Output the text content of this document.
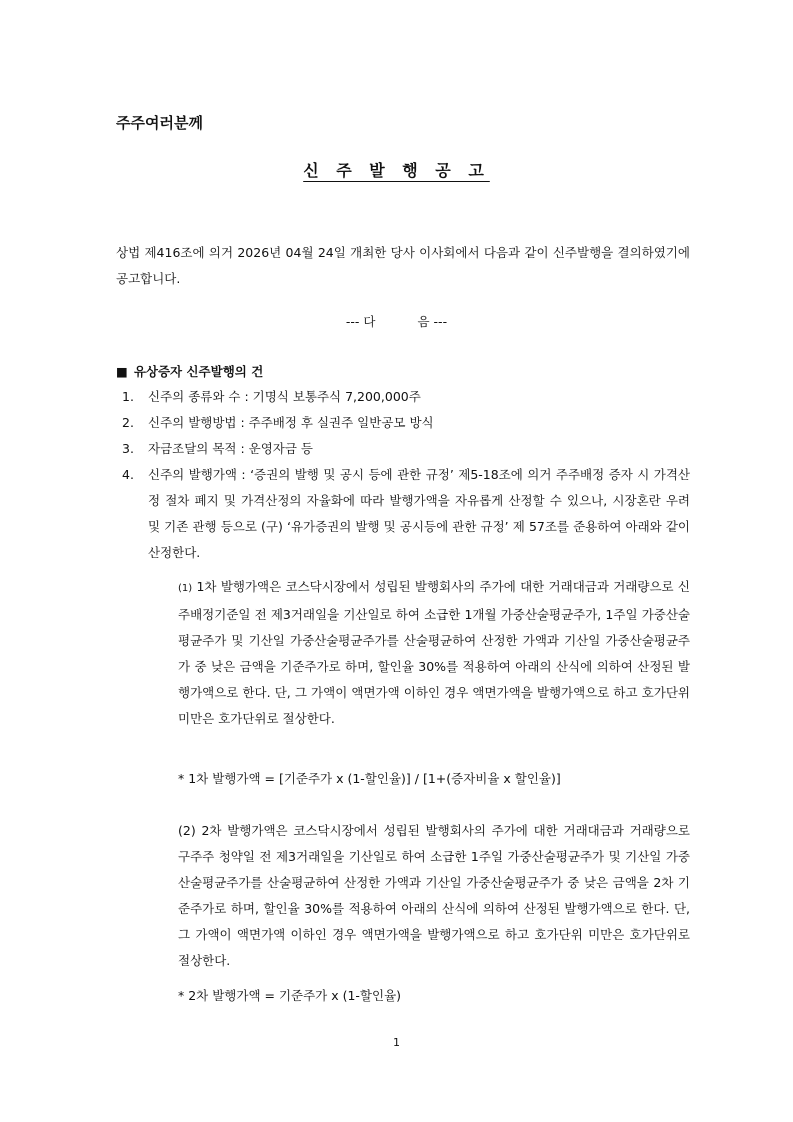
주주여러분께

신 주 발 행 공 고

상법 제416조에 의거 2026년 04월 24일 개최한 당사 이사회에서 다음과 같이 신주발행을 결의하였기에 공고합니다.

--- 다	음 ---

■ 유상증자 신주발행의 건

1. 신주의 종류와 수 : 기명식 보통주식 7,200,000주
2. 신주의 발행방법 : 주주배정 후 실권주 일반공모 방식
3. 자금조달의 목적 : 운영자금 등
4. 신주의 발행가액 : ‘증권의 발행 및 공시 등에 관한 규정’ 제5-18조에 의거 주주배정 증자 시 가격산정 절차 폐지 및 가격산정의 자율화에 따라 발행가액을 자유롭게 산정할 수 있으나, 시장혼란 우려 및 기존 관행 등으로 (구) ‘유가증권의 발행 및 공시등에 관한 규정’ 제 57조를 준용하여 아래와 같이 산정한다.

(1) 1차 발행가액은 코스닥시장에서 성립된 발행회사의 주가에 대한 거래대금과 거래량으로 신주배정기준일 전 제3거래일을 기산일로 하여 소급한 1개월 가중산술평균주가, 1주일 가중산술평균주가 및 기산일 가중산술평균주가를 산술평균하여 산정한 가액과 기산일 가중산술평균주가 중 낮은 금액을 기준주가로 하며, 할인율 30%를 적용하여 아래의 산식에 의하여 산정된 발행가액으로 한다. 단, 그 가액이 액면가액 이하인 경우 액면가액을 발행가액으로 하고 호가단위 미만은 호가단위로 절상한다.

* 1차 발행가액 = [기준주가 x (1-할인율)] / [1+(증자비율 x 할인율)]

(2) 2차 발행가액은 코스닥시장에서 성립된 발행회사의 주가에 대한 거래대금과 거래량으로 구주주 청약일 전 제3거래일을 기산일로 하여 소급한 1주일 가중산술평균주가 및 기산일 가중산술평균주가를 산술평균하여 산정한 가액과 기산일 가중산술평균주가 중 낮은 금액을 2차 기준주가로 하며, 할인율 30%를 적용하여 아래의 산식에 의하여 산정된 발행가액으로 한다. 단, 그 가액이 액면가액 이하인 경우 액면가액을 발행가액으로 하고 호가단위 미만은 호가단위로 절상한다.

* 2차 발행가액 = 기준주가 x (1-할인율)

1
